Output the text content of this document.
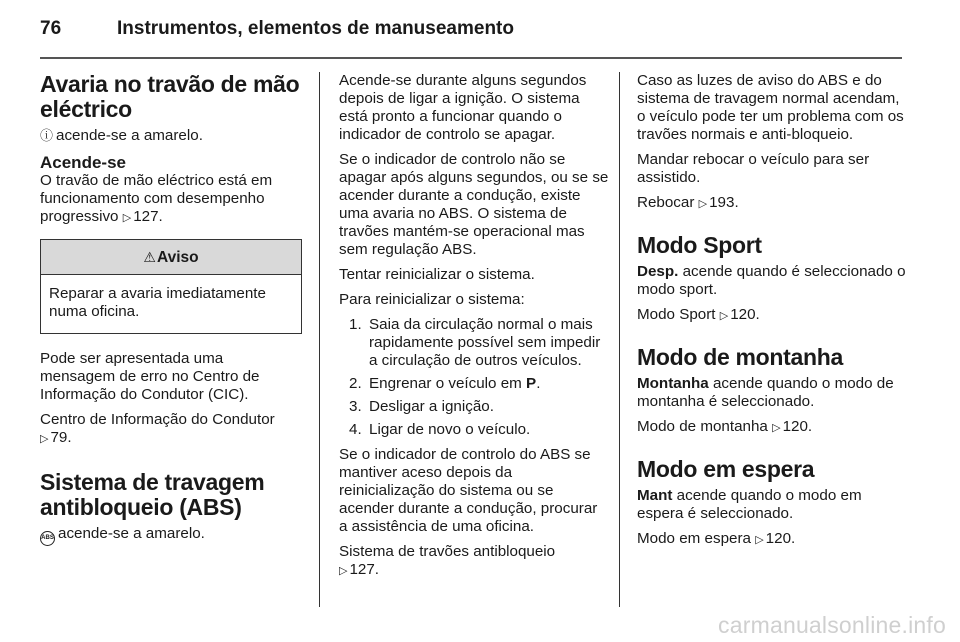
76	Instrumentos, elementos de manuseamento
Avaria no travão de mão eléctrico

ⓘ acende-se a amarelo.

Acende-se

O travão de mão eléctrico está em funcionamento com desempenho progressivo ▷ 127.

⚠Aviso
Reparar a avaria imediatamente numa oficina.

Pode ser apresentada uma mensagem de erro no Centro de Informação do Condutor (CIC).

Centro de Informação do Condutor
▷ 79.

Sistema de travagem antibloqueio (ABS)

ABS acende-se a amarelo.

Acende-se durante alguns segundos depois de ligar a ignição. O sistema está pronto a funcionar quando o indicador de controlo se apagar.

Se o indicador de controlo não se apagar após alguns segundos, ou se se acender durante a condução, existe uma avaria no ABS. O sistema de travões mantém-se operacional mas sem regulação ABS.

Tentar reinicializar o sistema.

Para reinicializar o sistema:

1. Saia da circulação normal o mais rapidamente possível sem impedir a circulação de outros veículos.
2. Engrenar o veículo em P.
3. Desligar a ignição.
4. Ligar de novo o veículo.

Se o indicador de controlo do ABS se mantiver aceso depois da reinicialização do sistema ou se acender durante a condução, procurar a assistência de uma oficina.

Sistema de travões antibloqueio
▷ 127.

Caso as luzes de aviso do ABS e do sistema de travagem normal acendam, o veículo pode ter um problema com os travões normais e anti-bloqueio.

Mandar rebocar o veículo para ser assistido.

Rebocar ▷ 193.

Modo Sport

Desp. acende quando é seleccionado o modo sport.

Modo Sport ▷ 120.

Modo de montanha

Montanha acende quando o modo de montanha é seleccionado.

Modo de montanha ▷ 120.

Modo em espera

Mant acende quando o modo em espera é seleccionado.

Modo em espera ▷ 120.

carmanualsonline.info
